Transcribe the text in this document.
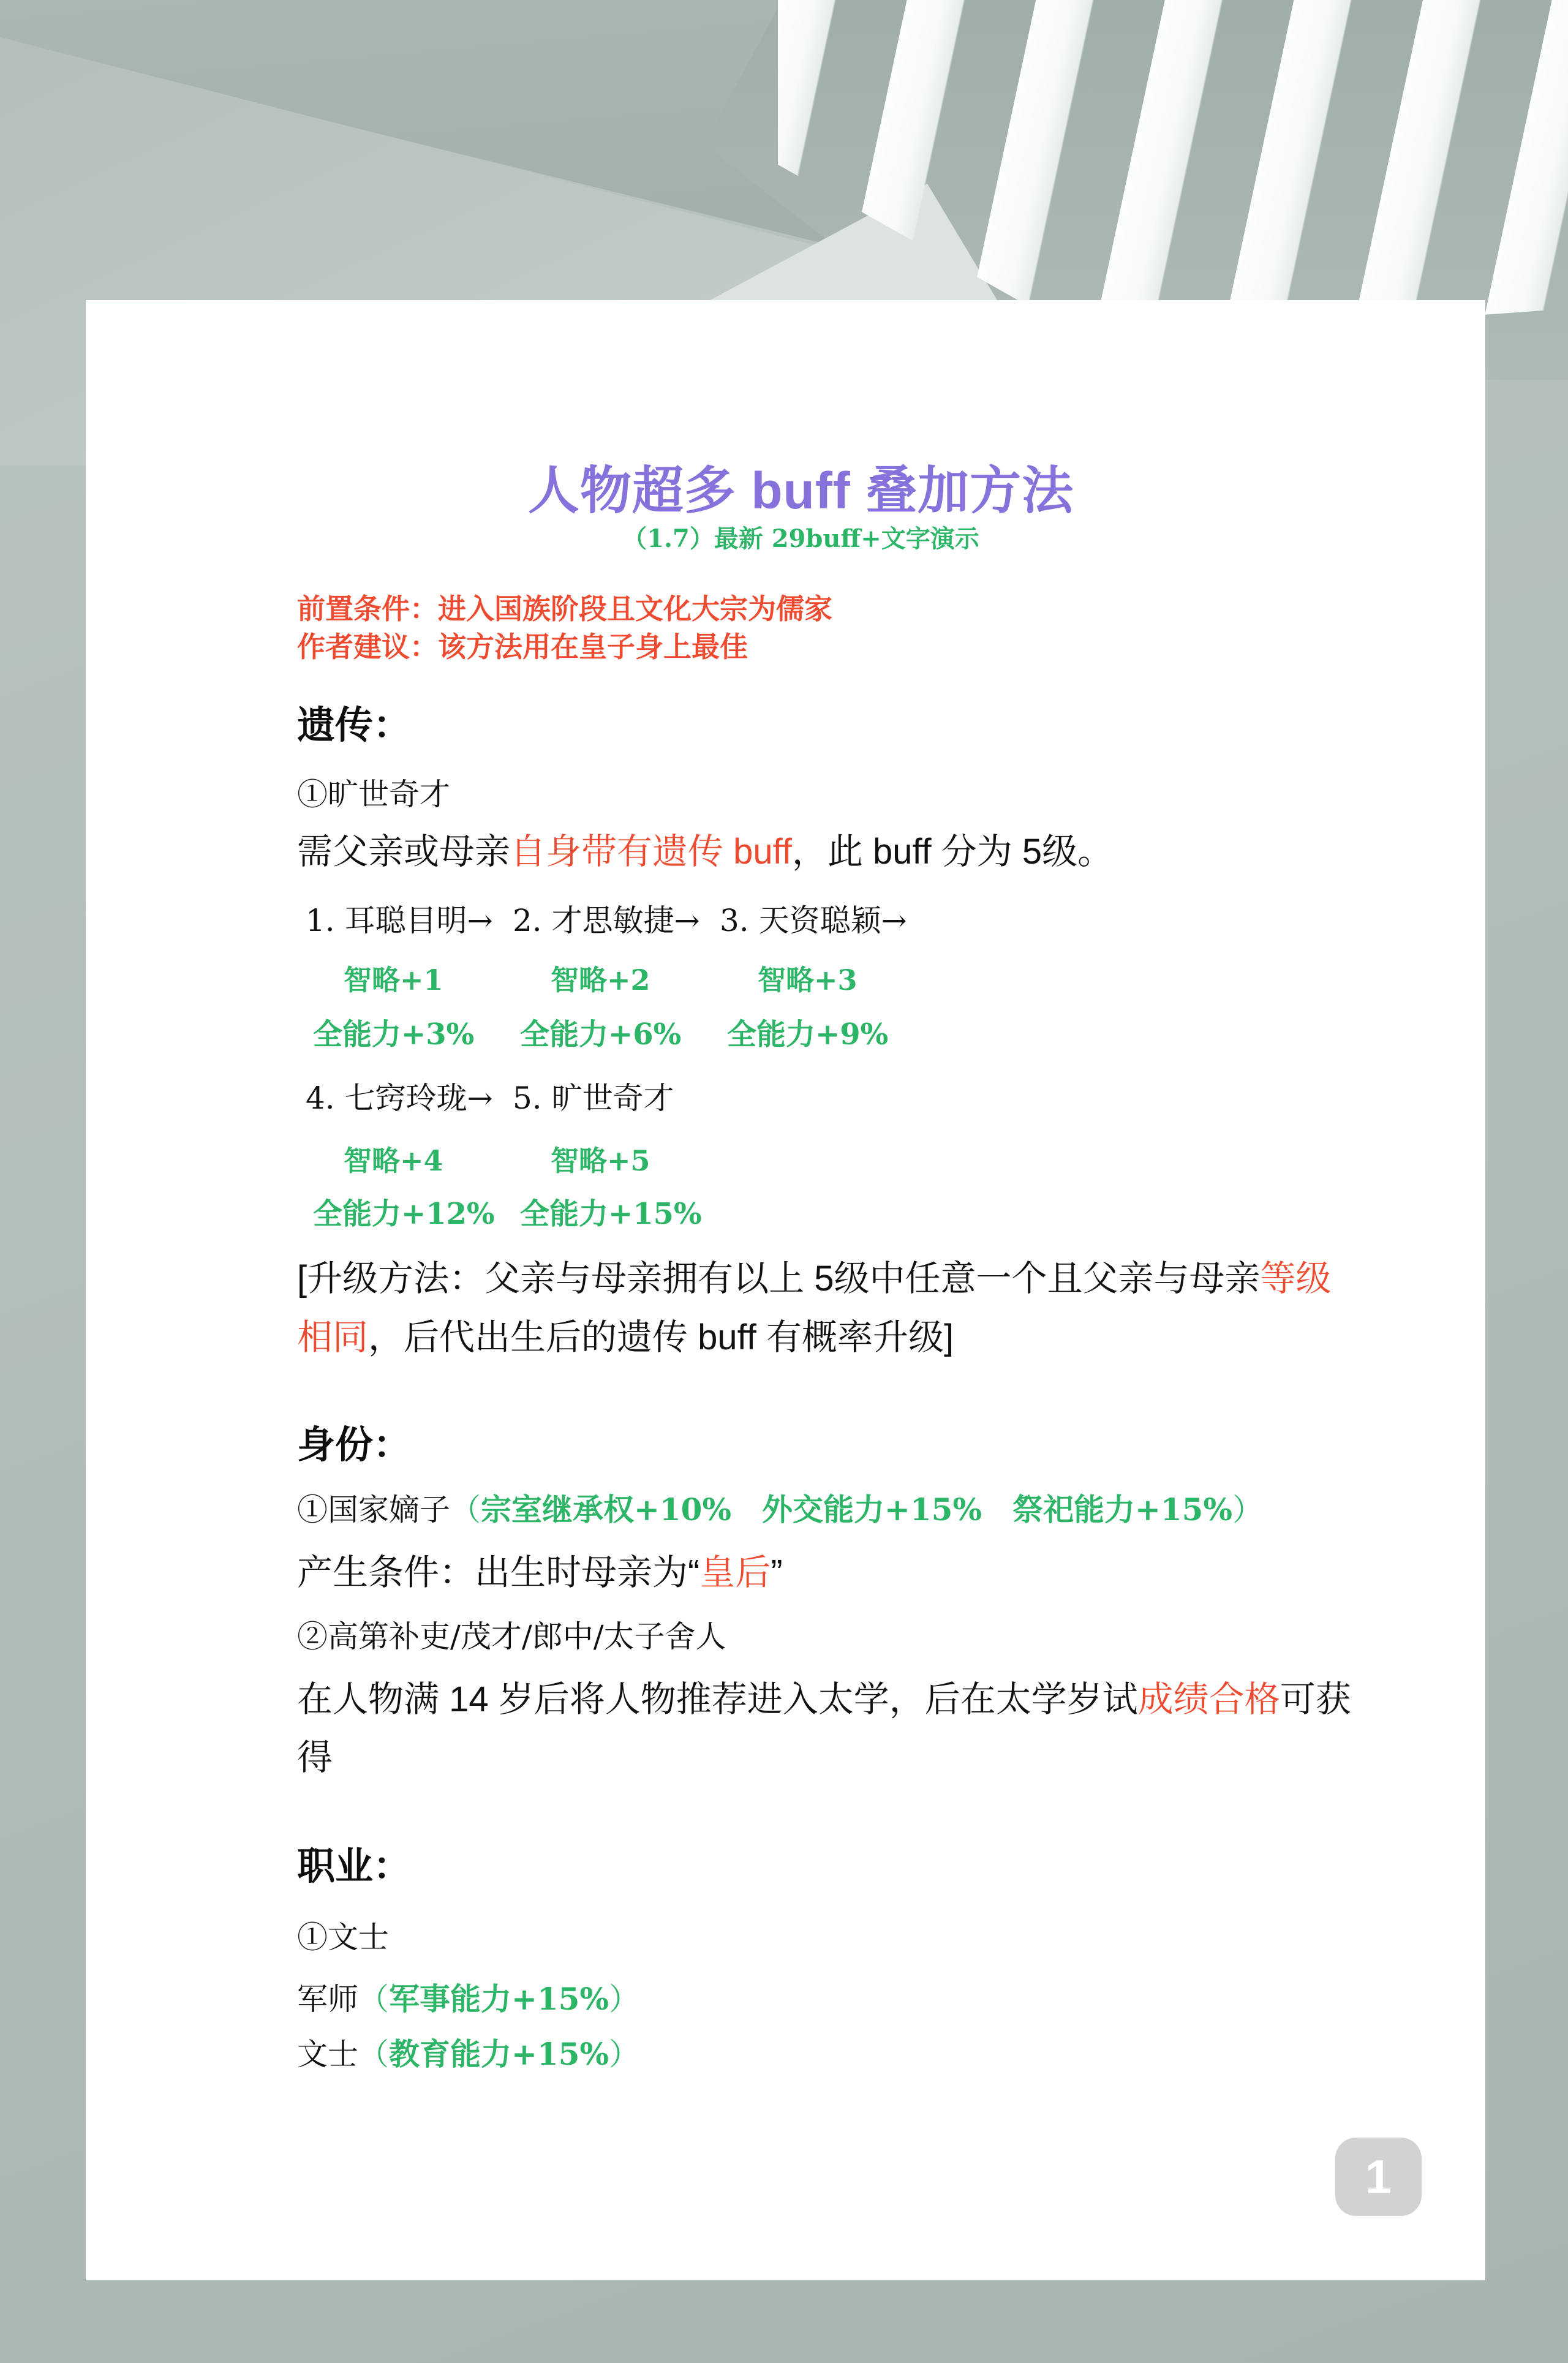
人物超多 buff 叠加方法
（1.7）最新 29buff+文字演示
前置条件：进入国族阶段且文化大宗为儒家
作者建议：该方法用在皇子身上最佳
遗传：
①旷世奇才
需父亲或母亲自身带有遗传 buff，此 buff 分为 5级。
1. 耳聪目明→ 2. 才思敏捷→ 3. 天资聪颖→
智略+1	智略+2	智略+3
全能力+3%	全能力+6%	全能力+9%
4. 七窍玲珑→ 5. 旷世奇才
智略+4	智略+5
全能力+12% 全能力+15%
[升级方法：父亲与母亲拥有以上 5级中任意一个且父亲与母亲等级
相同，后代出生后的遗传 buff 有概率升级]
身份：
①国家嫡子（宗室继承权+10%　外交能力+15%　祭祀能力+15%）
产生条件：出生时母亲为“皇后”
②高第补吏/茂才/郎中/太子舍人
在人物满 14 岁后将人物推荐进入太学，后在太学岁试成绩合格可获
得
职业：
①文士
军师（军事能力+15%）
文士（教育能力+15%）
1
